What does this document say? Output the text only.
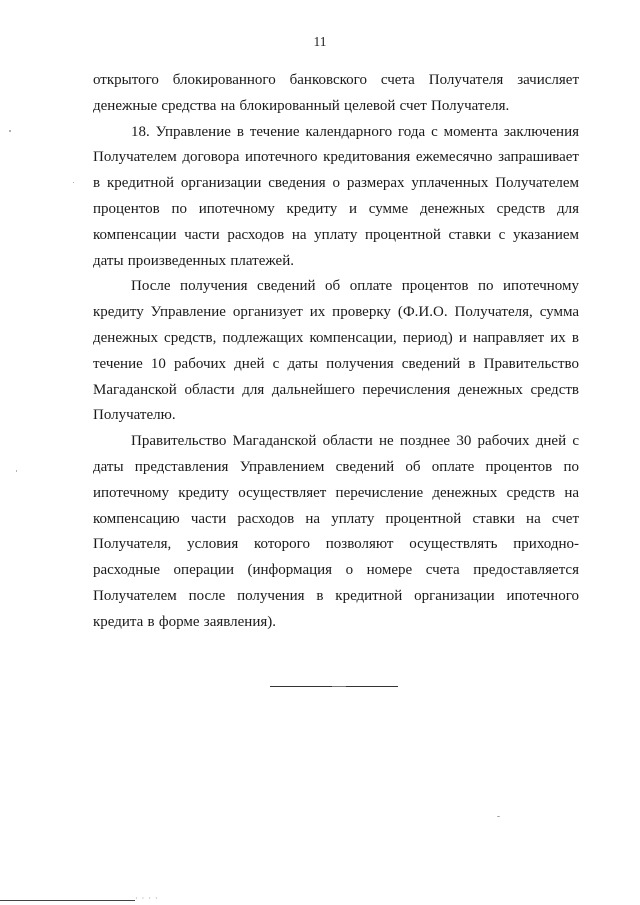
11

открытого блокированного банковского счета Получателя зачисляет денежные средства на блокированный целевой счет Получателя.

18. Управление в течение календарного года с момента заключения Получателем договора ипотечного кредитования ежемесячно запрашивает в кредитной организации сведения о размерах уплаченных Получателем процентов по ипотечному кредиту и сумме денежных средств для компенсации части расходов на уплату процентной ставки с указанием даты произведенных платежей.

После получения сведений об оплате процентов по ипотечному кредиту Управление организует их проверку (Ф.И.О. Получателя, сумма денежных средств, подлежащих компенсации, период) и направляет их в течение 10 рабочих дней с даты получения сведений в Правительство Магаданской области для дальнейшего перечисления денежных средств Получателю.

Правительство Магаданской области не позднее 30 рабочих дней с даты представления Управлением сведений об оплате процентов по ипотечному кредиту осуществляет перечисление денежных средств на компенсацию части расходов на уплату процентной ставки на счет Получателя, условия которого позволяют осуществлять приходно-расходные операции (информация о номере счета предоставляется Получателем после получения в кредитной организации ипотечного кредита в форме заявления).

· · · ·
